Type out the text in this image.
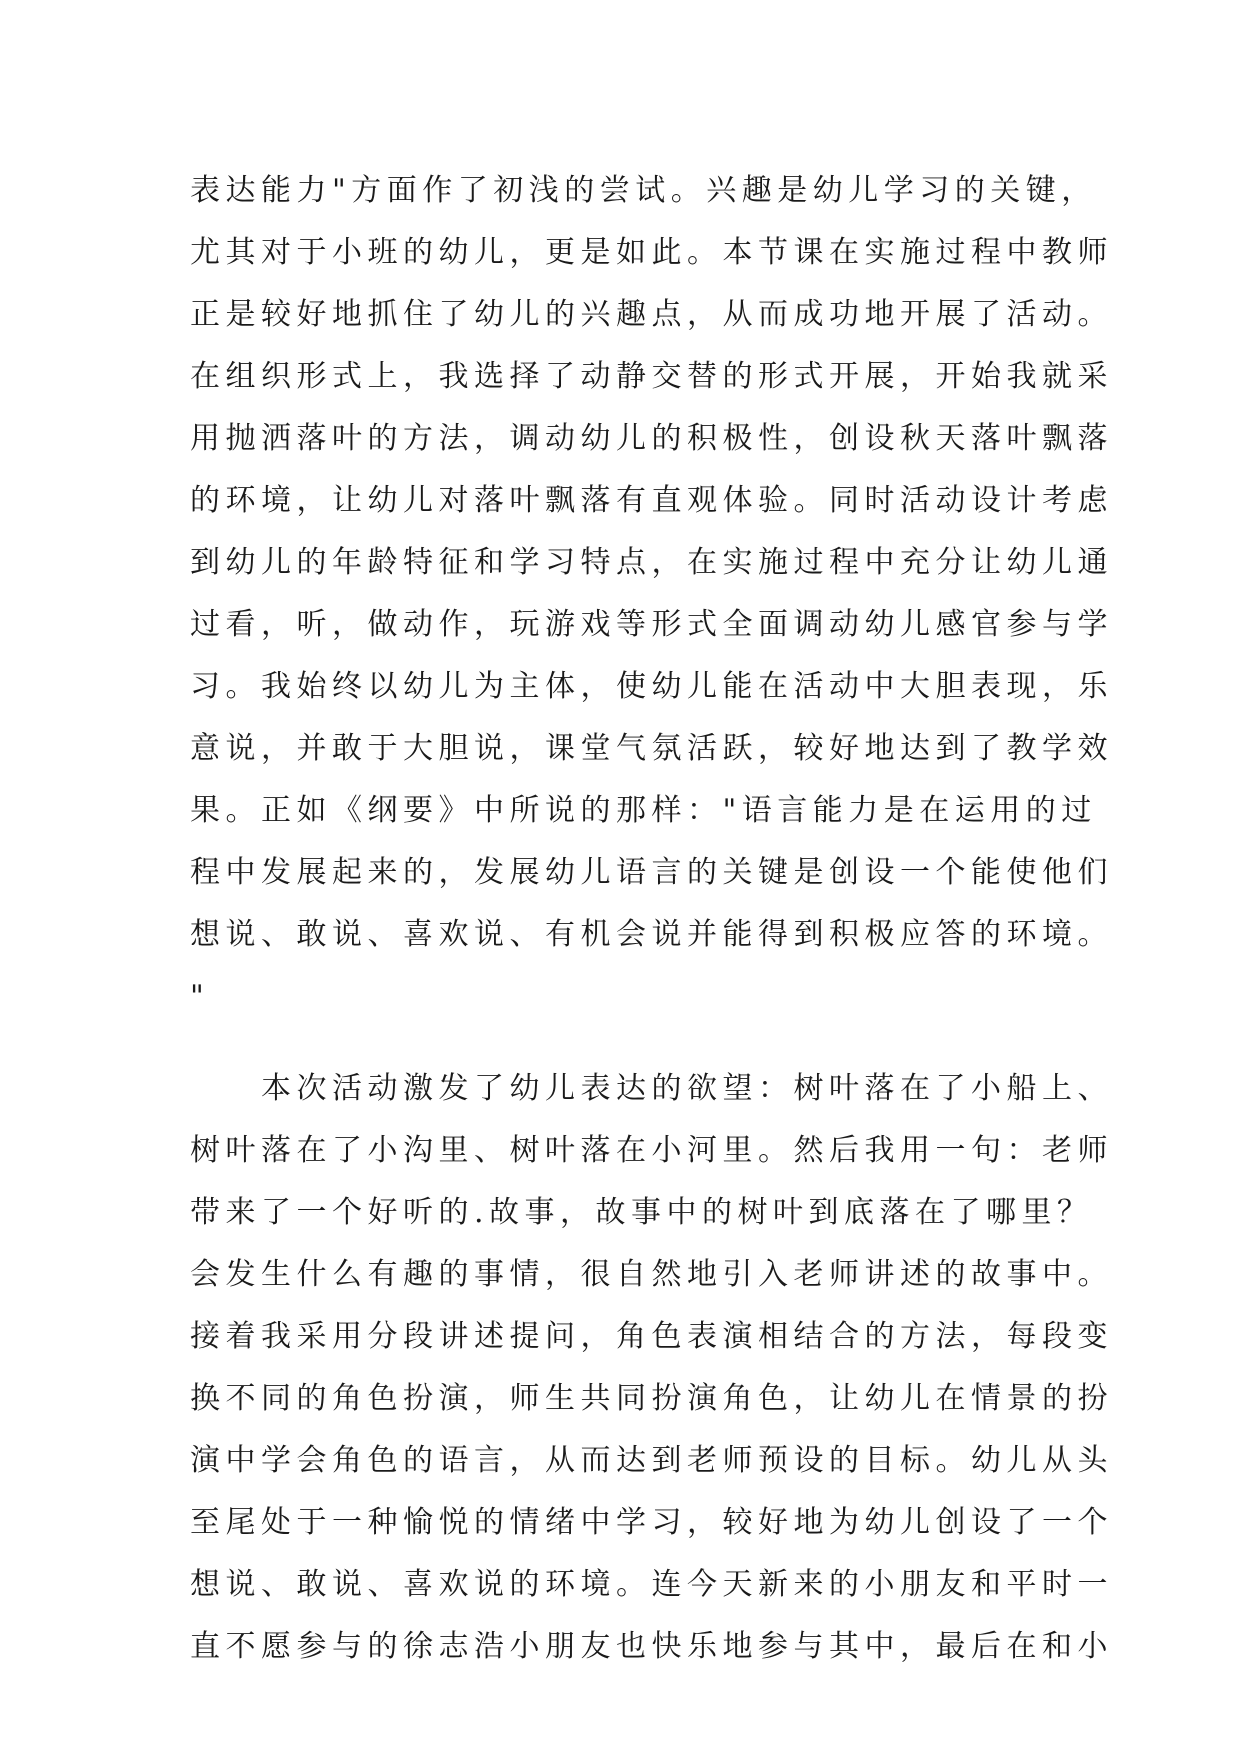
表达能力"方面作了初浅的尝试。兴趣是幼儿学习的关键，
尤其对于小班的幼儿，更是如此。本节课在实施过程中教师
正是较好地抓住了幼儿的兴趣点，从而成功地开展了活动。
在组织形式上，我选择了动静交替的形式开展，开始我就采
用抛洒落叶的方法，调动幼儿的积极性，创设秋天落叶飘落
的环境，让幼儿对落叶飘落有直观体验。同时活动设计考虑
到幼儿的年龄特征和学习特点，在实施过程中充分让幼儿通
过看，听，做动作，玩游戏等形式全面调动幼儿感官参与学
习。我始终以幼儿为主体，使幼儿能在活动中大胆表现，乐
意说，并敢于大胆说，课堂气氛活跃，较好地达到了教学效
果。正如《纲要》中所说的那样："语言能力是在运用的过
程中发展起来的，发展幼儿语言的关键是创设一个能使他们
想说、敢说、喜欢说、有机会说并能得到积极应答的环境。
"
　　本次活动激发了幼儿表达的欲望：树叶落在了小船上、
树叶落在了小沟里、树叶落在小河里。然后我用一句：老师
带来了一个好听的.故事，故事中的树叶到底落在了哪里？
会发生什么有趣的事情，很自然地引入老师讲述的故事中。
接着我采用分段讲述提问，角色表演相结合的方法，每段变
换不同的角色扮演，师生共同扮演角色，让幼儿在情景的扮
演中学会角色的语言，从而达到老师预设的目标。幼儿从头
至尾处于一种愉悦的情绪中学习，较好地为幼儿创设了一个
想说、敢说、喜欢说的环境。连今天新来的小朋友和平时一
直不愿参与的徐志浩小朋友也快乐地参与其中，最后在和小
